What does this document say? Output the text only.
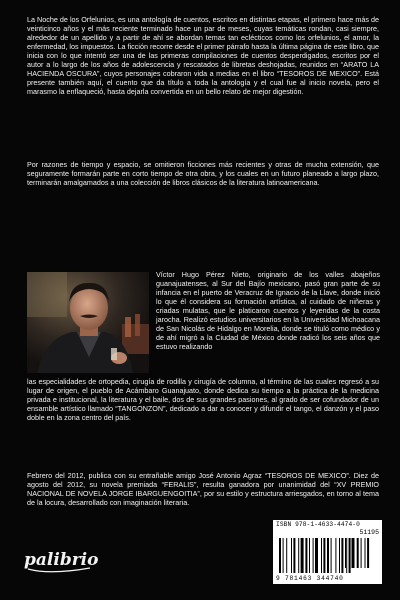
La Noche de los Orfelunios, es una antología de cuentos, escritos en distintas etapas, el primero hace más de veinticinco años y el más reciente terminado hace un par de meses, cuyas temáticas rondan, casi siempre, alrededor de un apellido y a partir de ahí se abordan temas tan eclécticos como los orfelunios, el amor, la enfermedad, los impuestos. La ficción recorre desde el primer párrafo hasta la última página de este libro, que inicia con lo que intentó ser una de las primeras compilaciones de cuentos desperdigados, escritos por el autor a lo largo de los años de adolescencia y rescatados de libretas deshojadas, reunidos en “ARATO LA HACIENDA OSCURA”, cuyos personajes cobraron vida a medias en el libro “TESOROS DE MEXICO”. Está presente también aquí, el cuento que da título a toda la antología y el cual fue al inicio novela, pero el marasmo la enflaqueció, hasta dejarla convertida en un bello relato de mejor digestión.

Por razones de tiempo y espacio, se omitieron ficciones más recientes y otras de mucha extensión, que seguramente formarán parte en corto tiempo de otra obra, y los cuales en un futuro planeado a largo plazo, terminarán amalgamados a una colección de libros clásicos de la literatura latinoamericana.

Víctor Hugo Pérez Nieto, originario de los valles abajeños guanajuatenses, al Sur del Bajío mexicano, pasó gran parte de su infancia en el puerto de Veracruz de Ignacio de la Llave, donde inició lo que él considera su formación artística, al cuidado de niñeras y criadas mulatas, que le platicaron cuentos y leyendas de la costa jarocha. Realizó estudios universitarios en la Universidad Michoacana de San Nicolás de Hidalgo en Morelia, donde se tituló como médico y de ahí migró a la Ciudad de México donde radicó los seis años que estuvo realizando

las especialidades de ortopedia, cirugía de rodilla y cirugía de columna, al término de las cuales regresó a su lugar de origen, el pueblo de Acámbaro Guanajuato, donde dedica su tiempo a la práctica de la medicina privada e institucional, la literatura y el baile, dos de sus grandes pasiones, al grado de ser cofundador de un ensamble artístico llamado “TANGONZON”, dedicado a dar a conocer y difundir el tango, el danzón y el paso doble en la zona centro del país.

Febrero del 2012, publica con su entrañable amigo José Antonio Agraz “TESOROS DE MEXICO”. Diez de agosto del 2012, su novela premiada “FERALIS”, resulta ganadora por unanimidad del “XV PREMIO NACIONAL DE NOVELA JORGE IBARGUENGOITIA”, por su estilo y estructura arriesgados, en torno al tema de la locura, desarrollado con imaginación literaria.

palibrio
ISBN 978-1-4633-4474-0
51195
9 781463 344740
